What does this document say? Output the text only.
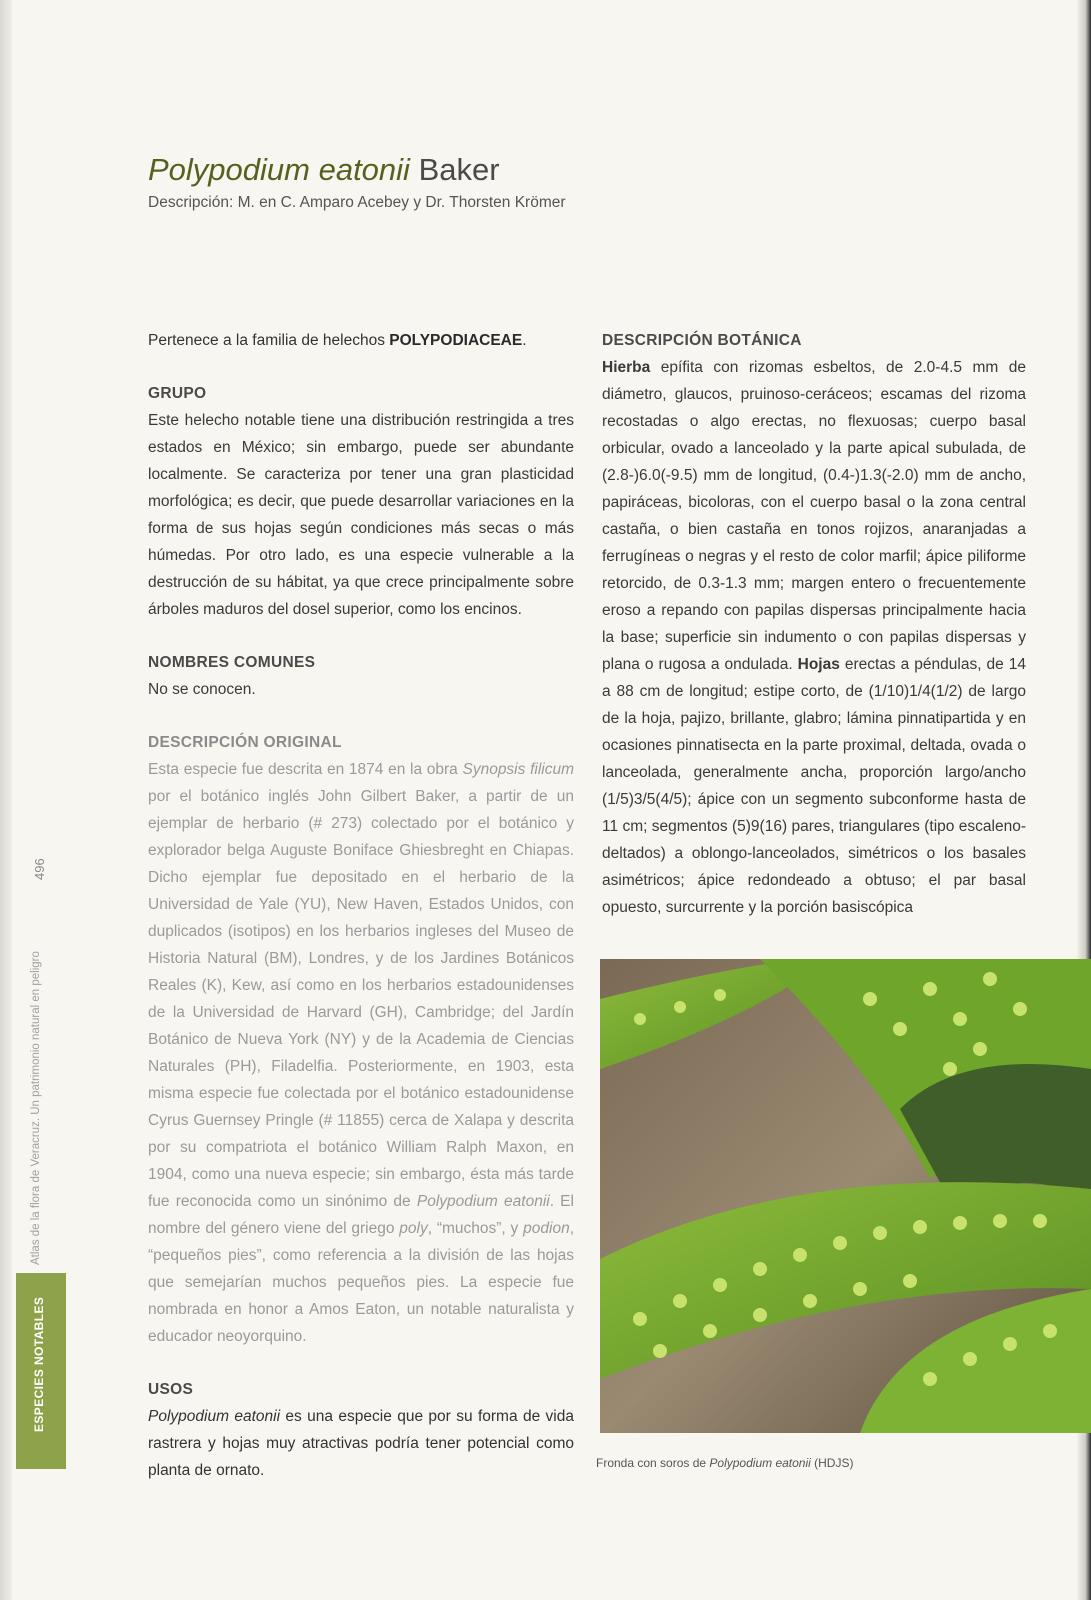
Polypodium eatonii Baker
Descripción: M. en C. Amparo Acebey y Dr. Thorsten Krömer

Pertenece a la familia de helechos POLYPODIACEAE.

GRUPO

Este helecho notable tiene una distribución restringida a tres estados en México; sin embargo, puede ser abundante localmente. Se caracteriza por tener una gran plasticidad morfológica; es decir, que puede desarrollar variaciones en la forma de sus hojas según condiciones más secas o más húmedas. Por otro lado, es una especie vulnerable a la destrucción de su hábitat, ya que crece principalmente sobre árboles maduros del dosel superior, como los encinos.

NOMBRES COMUNES

No se conocen.

DESCRIPCIÓN ORIGINAL

Esta especie fue descrita en 1874 en la obra Synopsis filicum por el botánico inglés John Gilbert Baker, a partir de un ejemplar de herbario (# 273) colectado por el botánico y explorador belga Auguste Boniface Ghiesbreght en Chiapas. Dicho ejemplar fue depositado en el herbario de la Universidad de Yale (YU), New Haven, Estados Unidos, con duplicados (isotipos) en los herbarios ingleses del Museo de Historia Natural (BM), Londres, y de los Jardines Botánicos Reales (K), Kew, así como en los herbarios estadounidenses de la Universidad de Harvard (GH), Cambridge; del Jardín Botánico de Nueva York (NY) y de la Academia de Ciencias Naturales (PH), Filadelfia. Posteriormente, en 1903, esta misma especie fue colectada por el botánico estadounidense Cyrus Guernsey Pringle (# 11855) cerca de Xalapa y descrita por su compatriota el botánico William Ralph Maxon, en 1904, como una nueva especie; sin embargo, ésta más tarde fue reconocida como un sinónimo de Polypodium eatonii. El nombre del género viene del griego poly, “muchos”, y podion, “pequeños pies”, como referencia a la división de las hojas que semejarían muchos pequeños pies. La especie fue nombrada en honor a Amos Eaton, un notable naturalista y educador neoyorquino.

USOS

Polypodium eatonii es una especie que por su forma de vida rastrera y hojas muy atractivas podría tener potencial como planta de ornato.

DESCRIPCIÓN BOTÁNICA

Hierba epífita con rizomas esbeltos, de 2.0-4.5 mm de diámetro, glaucos, pruinoso-ceráceos; escamas del rizoma recostadas o algo erectas, no flexuosas; cuerpo basal orbicular, ovado a lanceolado y la parte apical subulada, de (2.8-)6.0(-9.5) mm de longitud, (0.4-)1.3(-2.0) mm de ancho, papiráceas, bicoloras, con el cuerpo basal o la zona central castaña, o bien castaña en tonos rojizos, anaranjadas a ferrugíneas o negras y el resto de color marfil; ápice piliforme retorcido, de 0.3-1.3 mm; margen entero o frecuentemente eroso a repando con papilas dispersas principalmente hacia la base; superficie sin indumento o con papilas dispersas y plana o rugosa a ondulada. Hojas erectas a péndulas, de 14 a 88 cm de longitud; estipe corto, de (1/10)1/4(1/2) de largo de la hoja, pajizo, brillante, glabro; lámina pinnatipartida y en ocasiones pinnatisecta en la parte proximal, deltada, ovada o lanceolada, generalmente ancha, proporción largo/ancho (1/5)3/5(4/5); ápice con un segmento subconforme hasta de 11 cm; segmentos (5)9(16) pares, triangulares (tipo escaleno-deltados) a oblongo-lanceolados, simétricos o los basales asimétricos; ápice redondeado a obtuso; el par basal opuesto, surcurrente y la porción basiscópica

Fronda con soros de Polypodium eatonii (HDJS)
496
Atlas de la flora de Veracruz. Un patrimonio natural en peligro
ESPECIES NOTABLES
